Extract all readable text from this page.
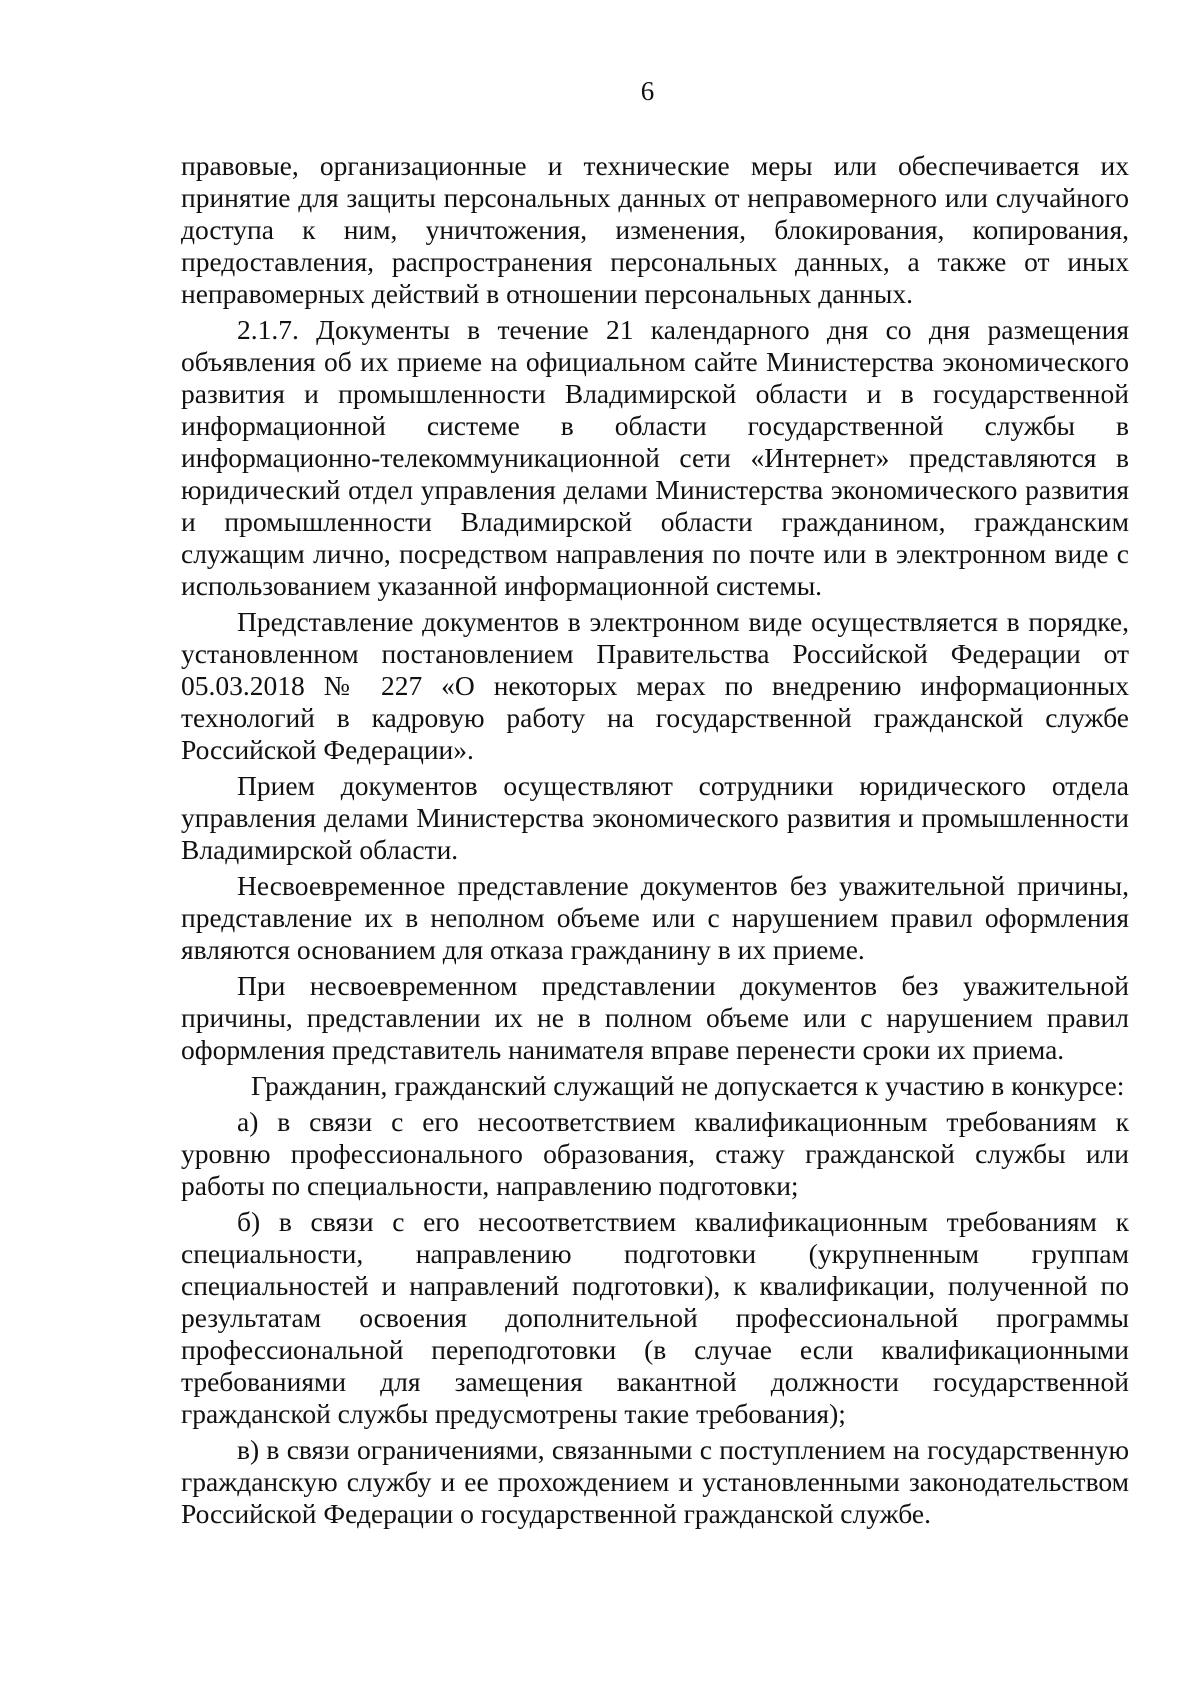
6

правовые, организационные и технические меры или обеспечивается их принятие для защиты персональных данных от неправомерного или случайного доступа к ним, уничтожения, изменения, блокирования, копирования, предоставления, распространения персональных данных, а также от иных неправомерных действий в отношении персональных данных.

2.1.7. Документы в течение 21 календарного дня со дня размещения объявления об их приеме на официальном сайте Министерства экономического развития и промышленности Владимирской области и в государственной информационной системе в области государственной службы в информационно-телекоммуникационной сети «Интернет» представляются в юридический отдел управления делами Министерства экономического развития и промышленности Владимирской области гражданином, гражданским служащим лично, посредством направления по почте или в электронном виде с использованием указанной информационной системы.

Представление документов в электронном виде осуществляется в порядке, установленном постановлением Правительства Российской Федерации от 05.03.2018 № 227 «О некоторых мерах по внедрению информационных технологий в кадровую работу на государственной гражданской службе Российской Федерации».

Прием документов осуществляют сотрудники юридического отдела управления делами Министерства экономического развития и промышленности Владимирской области.

Несвоевременное представление документов без уважительной причины, представление их в неполном объеме или с нарушением правил оформления являются основанием для отказа гражданину в их приеме.

При несвоевременном представлении документов без уважительной причины, представлении их не в полном объеме или с нарушением правил оформления представитель нанимателя вправе перенести сроки их приема.

Гражданин, гражданский служащий не допускается к участию в конкурсе:

а) в связи с его несоответствием квалификационным требованиям к уровню профессионального образования, стажу гражданской службы или работы по специальности, направлению подготовки;

б) в связи с его несоответствием квалификационным требованиям к специальности, направлению подготовки (укрупненным группам специальностей и направлений подготовки), к квалификации, полученной по результатам освоения дополнительной профессиональной программы профессиональной переподготовки (в случае если квалификационными требованиями для замещения вакантной должности государственной гражданской службы предусмотрены такие требования);

в) в связи ограничениями, связанными с поступлением на государственную гражданскую службу и ее прохождением и установленными законодательством Российской Федерации о государственной гражданской службе.
